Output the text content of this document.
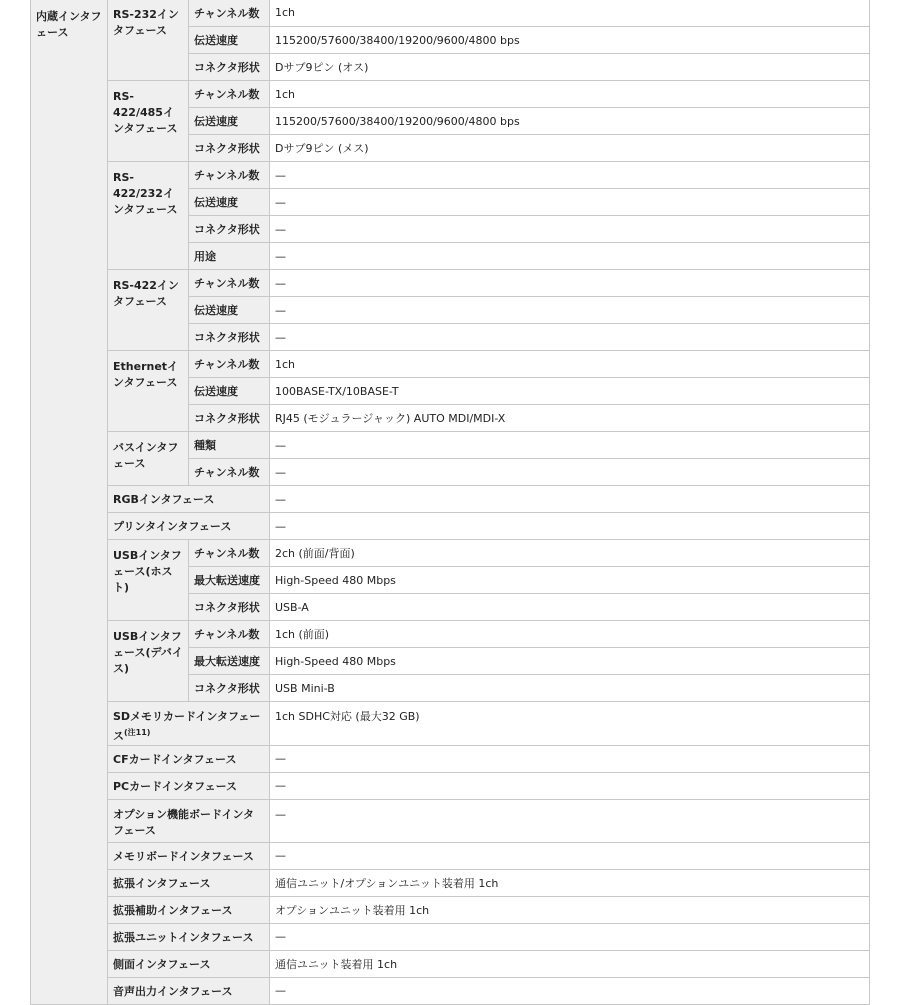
内蔵インタフェース	RS-232インタフェース	チャンネル数	1ch
		伝送速度	115200/57600/38400/19200/9600/4800 bps
		コネクタ形状	Dサブ9ピン (オス)
	RS-422/485インタフェース	チャンネル数	1ch
		伝送速度	115200/57600/38400/19200/9600/4800 bps
		コネクタ形状	Dサブ9ピン (メス)
	RS-422/232インタフェース	チャンネル数	—
		伝送速度	—
		コネクタ形状	—
		用途	—
	RS-422インタフェース	チャンネル数	—
		伝送速度	—
		コネクタ形状	—
	Ethernetインタフェース	チャンネル数	1ch
		伝送速度	100BASE-TX/10BASE-T
		コネクタ形状	RJ45 (モジュラージャック) AUTO MDI/MDI-X
	バスインタフェース	種類	—
		チャンネル数	—
	RGBインタフェース		—
	プリンタインタフェース		—
	USBインタフェース(ホスト)	チャンネル数	2ch (前面/背面)
		最大転送速度	High-Speed 480 Mbps
		コネクタ形状	USB-A
	USBインタフェース(デバイス)	チャンネル数	1ch (前面)
		最大転送速度	High-Speed 480 Mbps
		コネクタ形状	USB Mini-B
	SDメモリカードインタフェース$^{(注11)}$		1ch SDHC対応 (最大32 GB)
	CFカードインタフェース		—
	PCカードインタフェース		—
	オプション機能ボードインタフェース		—
	メモリボードインタフェース		—
	拡張インタフェース		通信ユニット/オプションユニット装着用 1ch
	拡張補助インタフェース		オプションユニット装着用 1ch
	拡張ユニットインタフェース		—
	側面インタフェース		通信ユニット装着用 1ch
	音声出力インタフェース		—
